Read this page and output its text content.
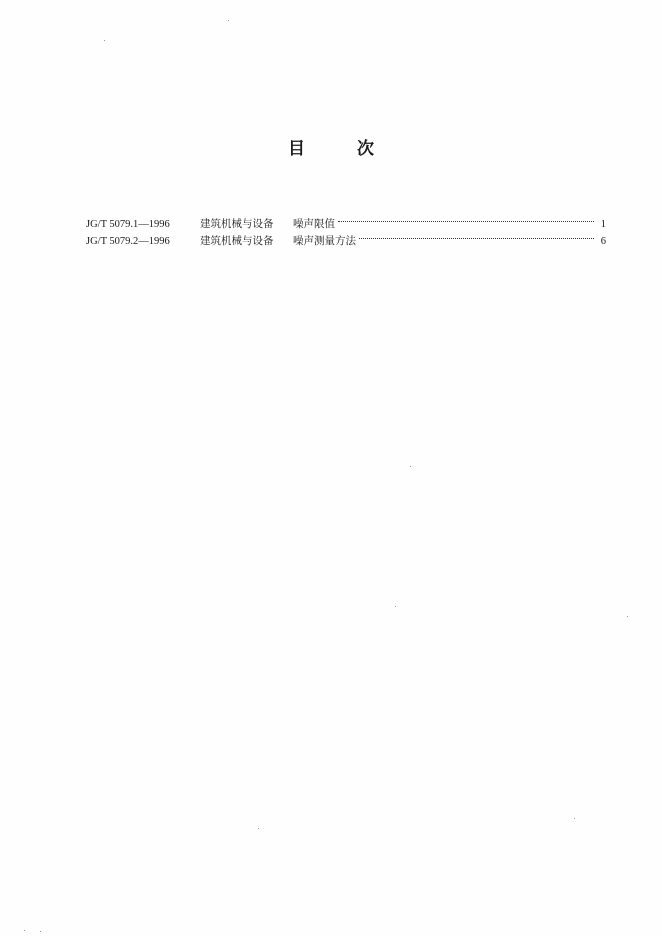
目	次
JG/T 5079.1—1996	建筑机械与设备	噪声限值	1
JG/T 5079.2—1996	建筑机械与设备	噪声测量方法	6
